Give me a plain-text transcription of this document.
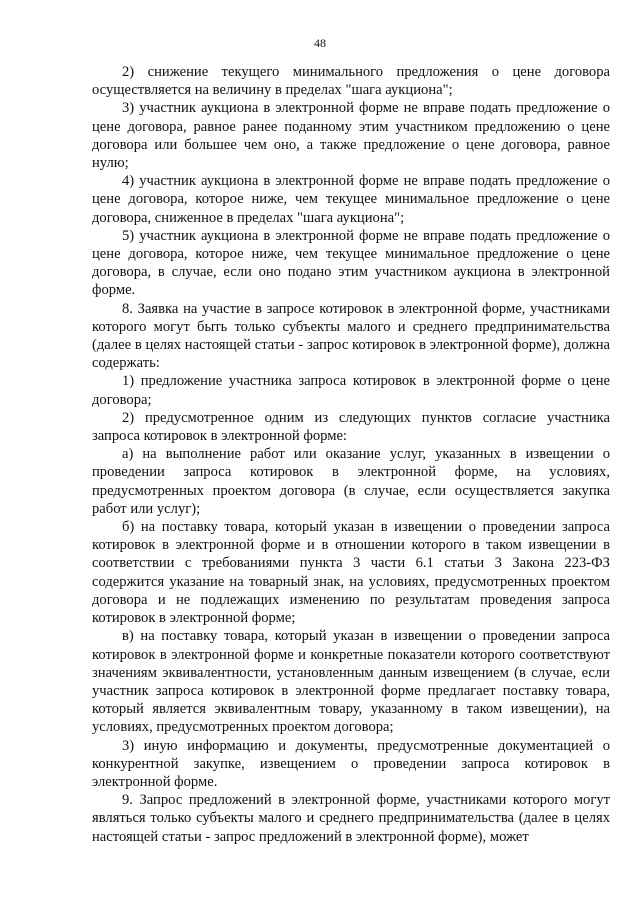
48

2) снижение текущего минимального предложения о цене договора осуществляется на величину в пределах "шага аукциона";

3) участник аукциона в электронной форме не вправе подать предложение о цене договора, равное ранее поданному этим участником предложению о цене договора или большее чем оно, а также предложение о цене договора, равное нулю;

4) участник аукциона в электронной форме не вправе подать предложение о цене договора, которое ниже, чем текущее минимальное предложение о цене договора, сниженное в пределах "шага аукциона";

5) участник аукциона в электронной форме не вправе подать предложение о цене договора, которое ниже, чем текущее минимальное предложение о цене договора, в случае, если оно подано этим участником аукциона в электронной форме.

8. Заявка на участие в запросе котировок в электронной форме, участниками которого могут быть только субъекты малого и среднего предпринимательства (далее в целях настоящей статьи - запрос котировок в электронной форме), должна содержать:

1) предложение участника запроса котировок в электронной форме о цене договора;

2) предусмотренное одним из следующих пунктов согласие участника запроса котировок в электронной форме:

а) на выполнение работ или оказание услуг, указанных в извещении о проведении запроса котировок в электронной форме, на условиях, предусмотренных проектом договора (в случае, если осуществляется закупка работ или услуг);

б) на поставку товара, который указан в извещении о проведении запроса котировок в электронной форме и в отношении которого в таком извещении в соответствии с требованиями пункта 3 части 6.1 статьи 3 Закона 223-ФЗ содержится указание на товарный знак, на условиях, предусмотренных проектом договора и не подлежащих изменению по результатам проведения запроса котировок в электронной форме;

в) на поставку товара, который указан в извещении о проведении запроса котировок в электронной форме и конкретные показатели которого соответствуют значениям эквивалентности, установленным данным извещением (в случае, если участник запроса котировок в электронной форме предлагает поставку товара, который является эквивалентным товару, указанному в таком извещении), на условиях, предусмотренных проектом договора;

3) иную информацию и документы, предусмотренные документацией о конкурентной закупке, извещением о проведении запроса котировок в электронной форме.

9. Запрос предложений в электронной форме, участниками которого могут являться только субъекты малого и среднего предпринимательства (далее в целях настоящей статьи - запрос предложений в электронной форме), может
